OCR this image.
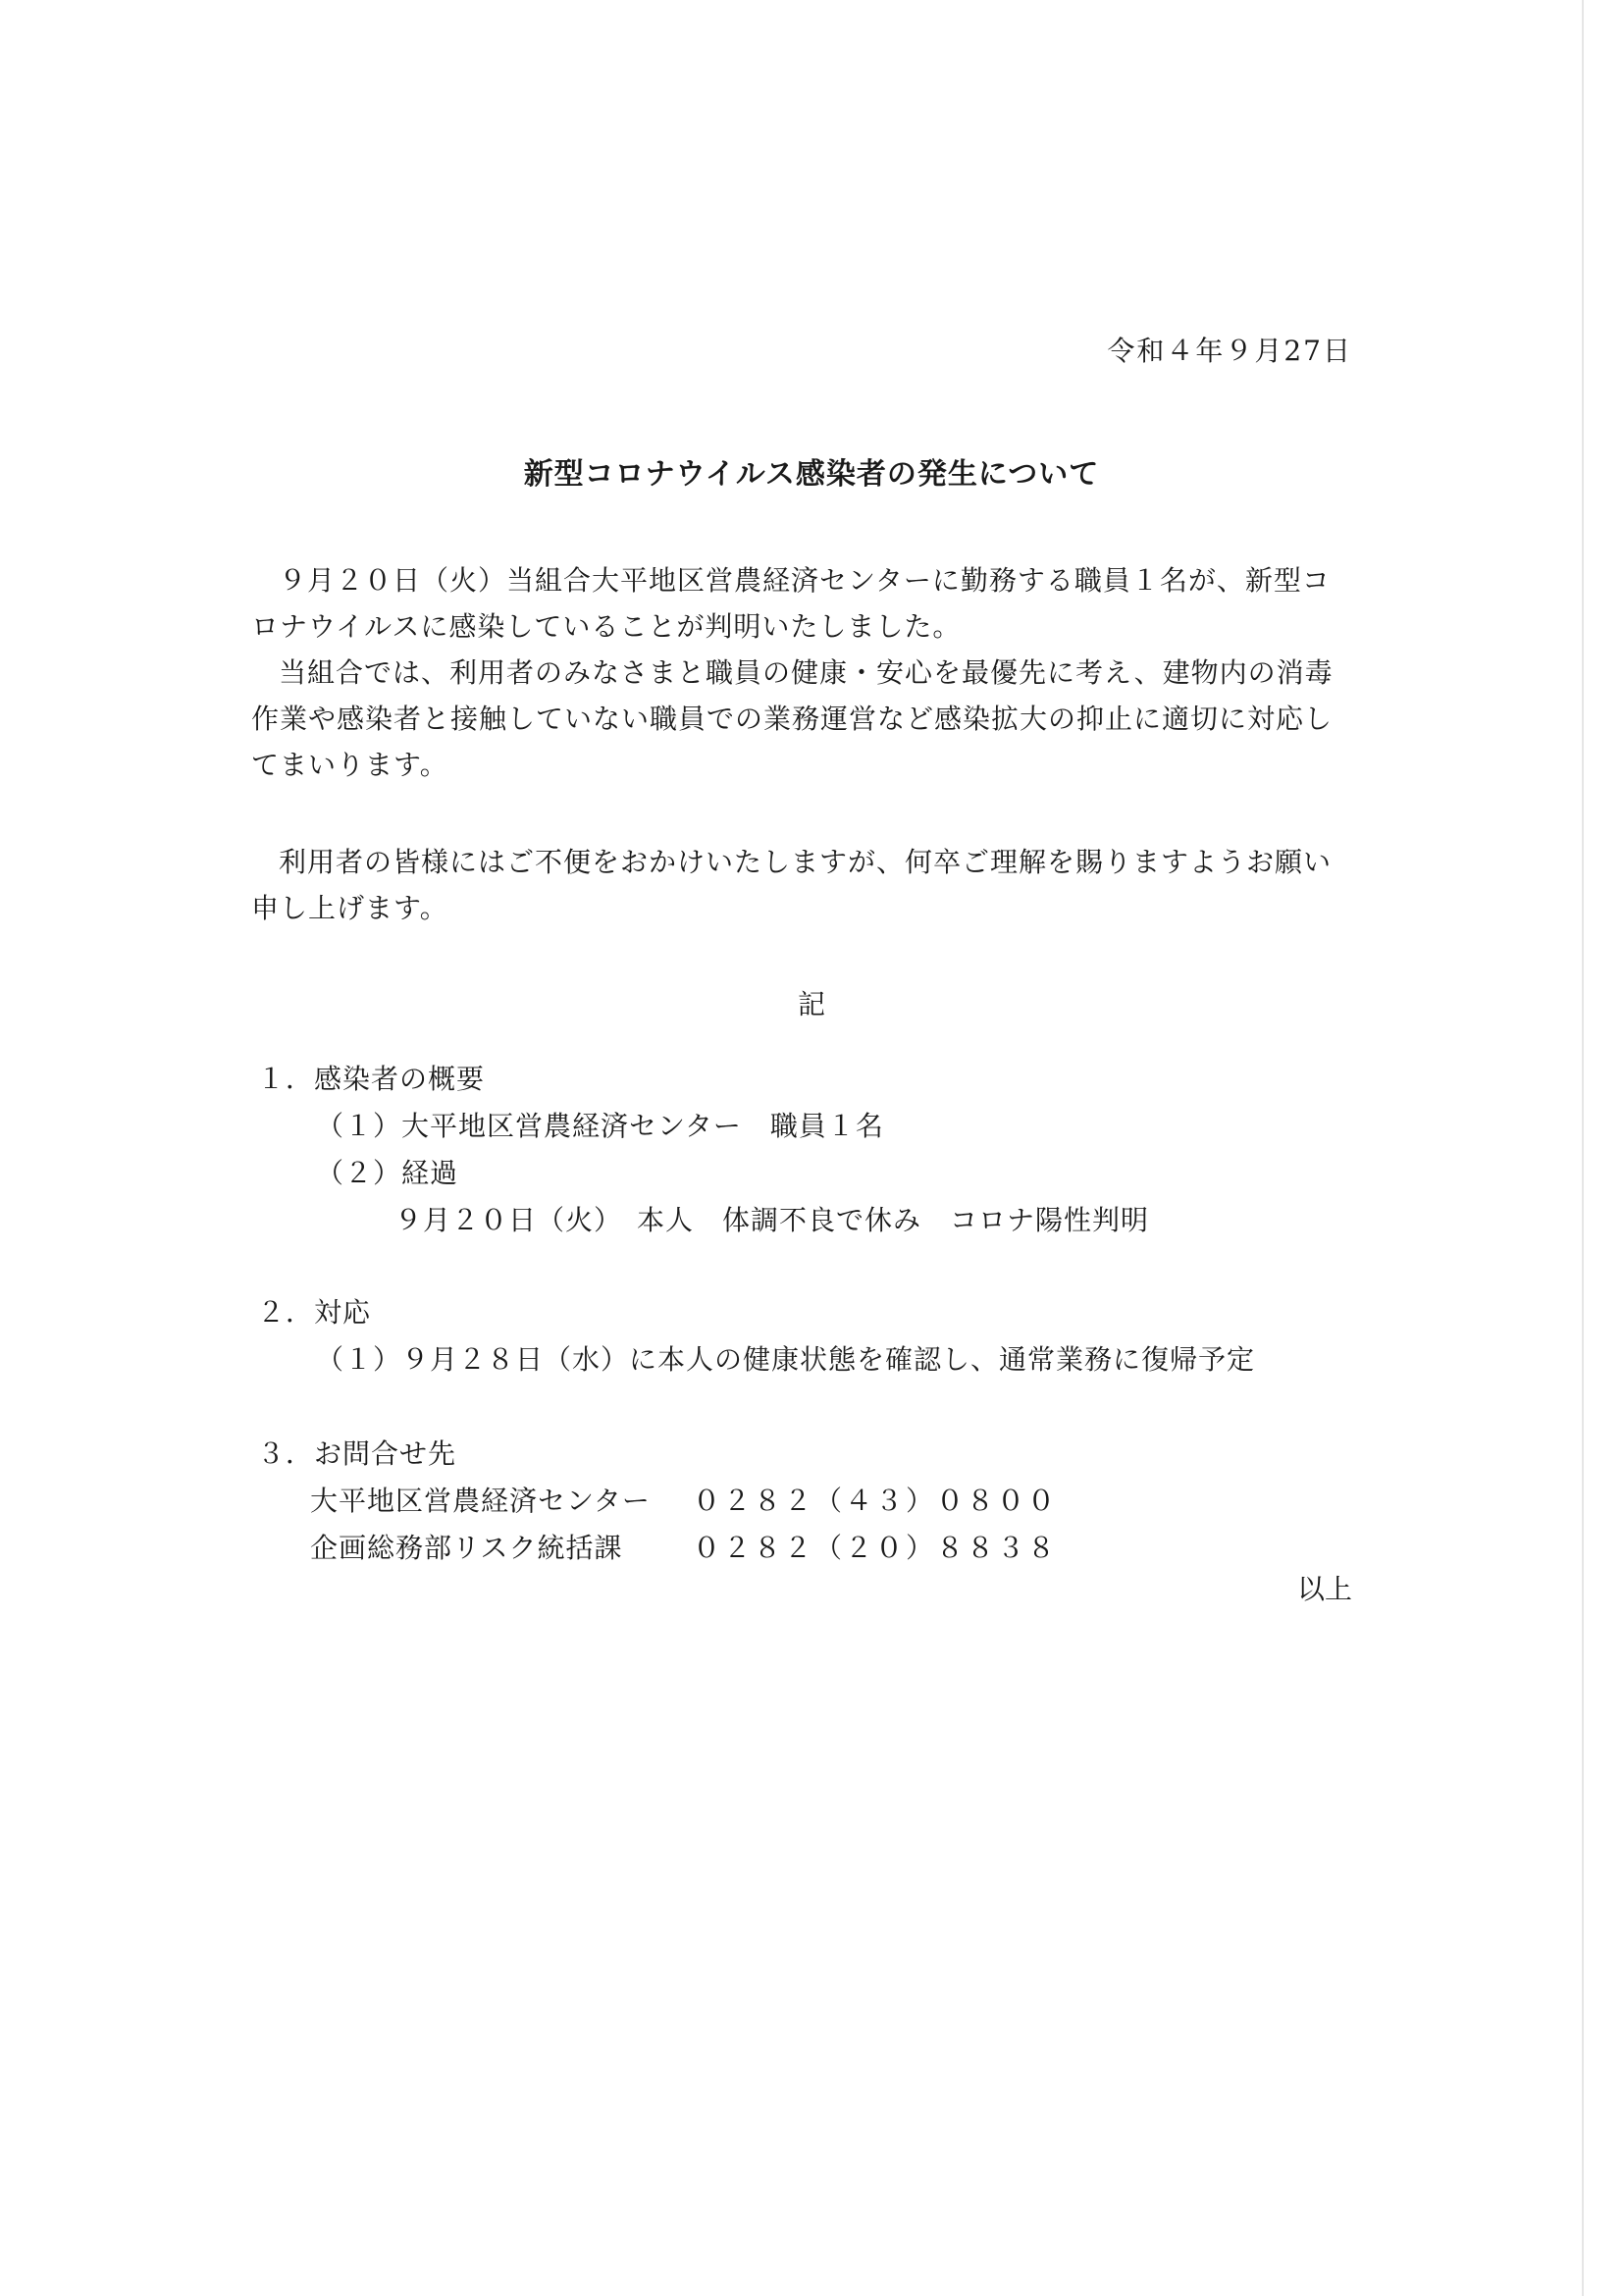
令和４年９月27日
新型コロナウイルス感染者の発生について
９月２０日（火）当組合大平地区営農経済センターに勤務する職員１名が、新型コロナウイルスに感染していることが判明いたしました。
当組合では、利用者のみなさまと職員の健康・安心を最優先に考え、建物内の消毒作業や感染者と接触していない職員での業務運営など感染拡大の抑止に適切に対応してまいります。
利用者の皆様にはご不便をおかけいたしますが、何卒ご理解を賜りますようお願い申し上げます。
記
１．感染者の概要
（１）大平地区営農経済センター　職員１名
（２）経過
９月２０日（火）　本人　体調不良で休み　コロナ陽性判明
２．対応
（１）９月２８日（水）に本人の健康状態を確認し、通常業務に復帰予定
３．お問合せ先
大平地区営農経済センター ０２８２（４３）０８００
企画総務部リスク統括課	０２８２（２０）８８３８
以上
